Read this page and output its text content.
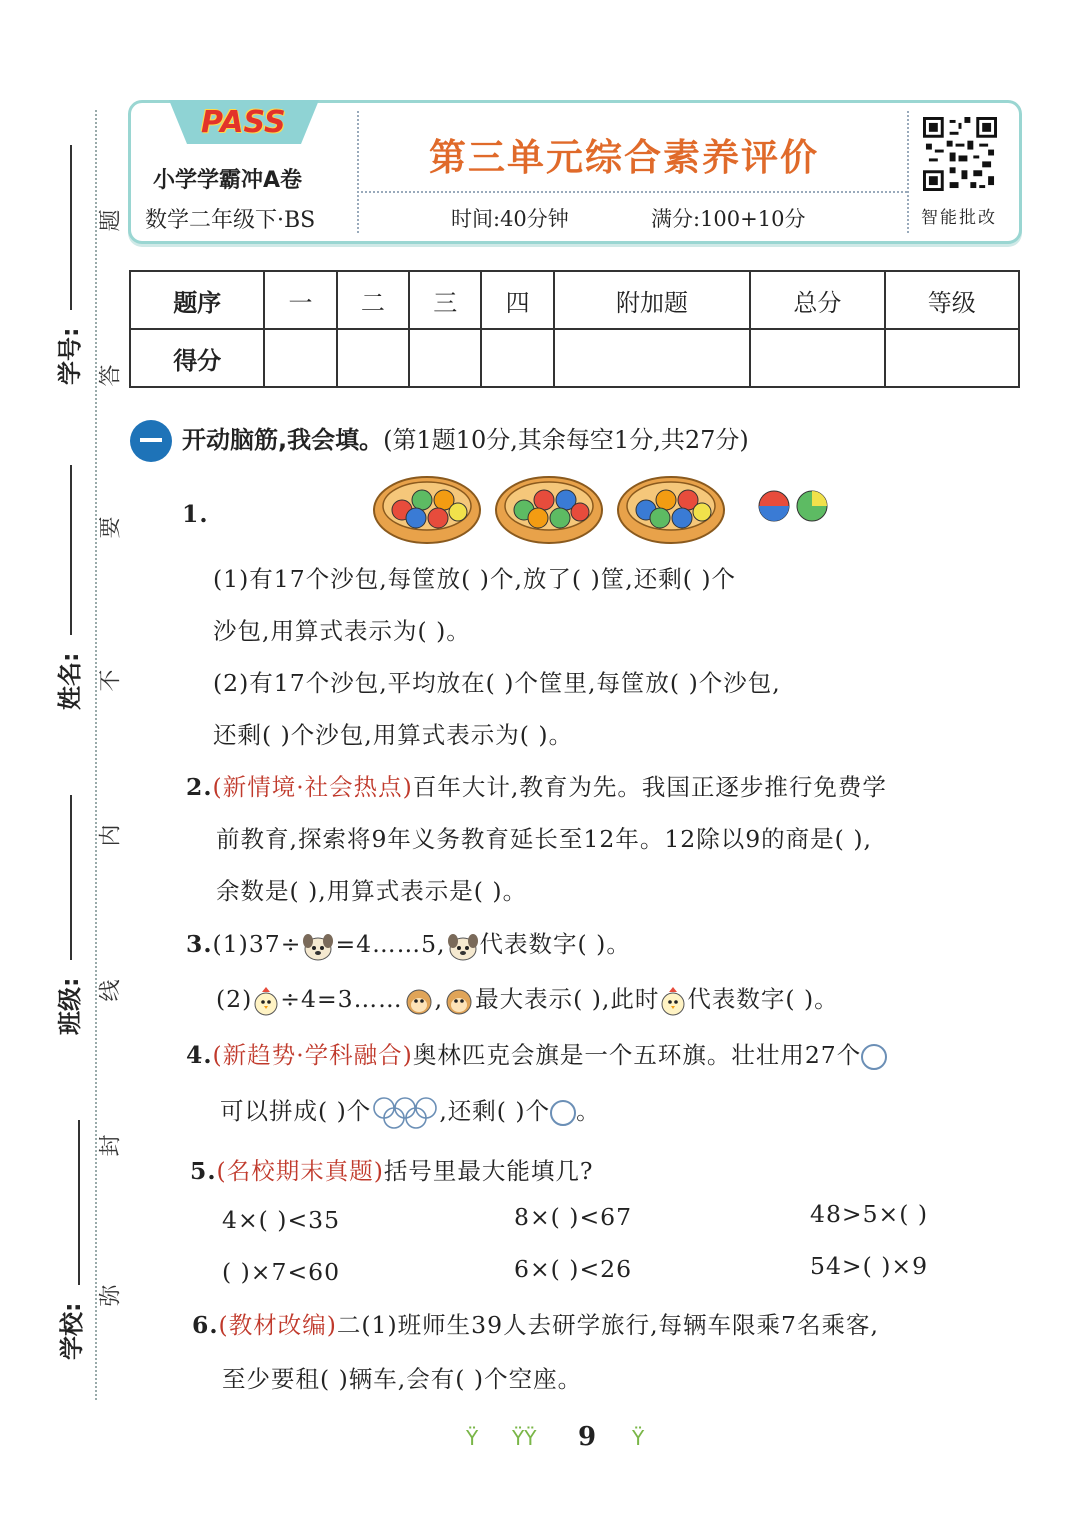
学号:
姓名:
班级:
学校:
题
答
要
不
内
线
封
弥
PASS
小学学霸冲A卷
数学二年级下·BS
第三单元综合素养评价
时间:40分钟	满分:100+10分	智能批改
题序	一	二	三	四	附加题	总分	等级
得分							
开动脑筋,我会填。(第1题10分,其余每空1分,共27分)
1.
(1)有17个沙包,每筐放( )个,放了( )筐,还剩( )个
沙包,用算式表示为( )。
(2)有17个沙包,平均放在( )个筐里,每筐放( )个沙包,
还剩( )个沙包,用算式表示为( )。
2.(新情境·社会热点)百年大计,教育为先。我国正逐步推行免费学
前教育,探索将9年义务教育延长至12年。12除以9的商是( ),
余数是( ),用算式表示是( )。
3.(1)37÷ =4……5, 代表数字( )。
(2) ÷4=3…… , 最大表示( ),此时 代表数字( )。
4.(新趋势·学科融合)奥林匹克会旗是一个五环旗。壮壮用27个
可以拼成( )个	,还剩( )个 。
5.(名校期末真题)括号里最大能填几?
4×( )<35	8×( )<67	48>5×( )
( )×7<60	6×( )<26	54>( )×9
6.(教材改编)二(1)班师生39人去研学旅行,每辆车限乘7名乘客,
至少要租( )辆车,会有( )个空座。
Ÿ ŸŸ 9 Ÿ
